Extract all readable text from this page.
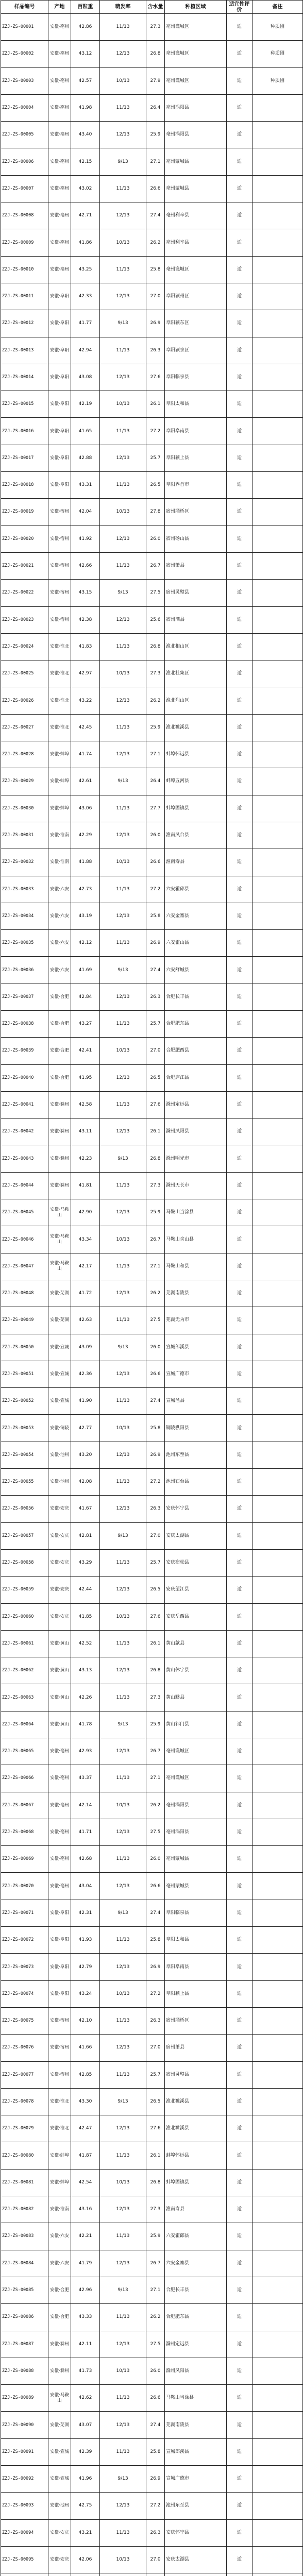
样品编号	产地	百粒重	萌发率	含水量	种植区域	适宜性评价	备注
ZZJ-ZS-00001	安徽·亳州	42.86	11/13	27.3	亳州谯城区	适	种质圃
ZZJ-ZS-00002	安徽·亳州	43.12	12/13	26.8	亳州谯城区	适	种质圃
ZZJ-ZS-00003	安徽·亳州	42.57	10/13	27.9	亳州谯城区	适	种质圃
ZZJ-ZS-00004	安徽·亳州	41.98	11/13	26.4	亳州涡阳县	适	
ZZJ-ZS-00005	安徽·亳州	43.40	12/13	25.9	亳州涡阳县	适	
ZZJ-ZS-00006	安徽·亳州	42.15	9/13	27.1	亳州蒙城县	适	
ZZJ-ZS-00007	安徽·亳州	43.02	11/13	26.6	亳州蒙城县	适	
ZZJ-ZS-00008	安徽·亳州	42.71	12/13	27.4	亳州利辛县	适	
ZZJ-ZS-00009	安徽·亳州	41.86	10/13	26.2	亳州利辛县	适	
ZZJ-ZS-00010	安徽·亳州	43.25	11/13	25.8	亳州谯城区	适	
ZZJ-ZS-00011	安徽·阜阳	42.33	12/13	27.0	阜阳颍州区	适	
ZZJ-ZS-00012	安徽·阜阳	41.77	9/13	26.9	阜阳颍东区	适	
ZZJ-ZS-00013	安徽·阜阳	42.94	11/13	26.3	阜阳颍泉区	适	
ZZJ-ZS-00014	安徽·阜阳	43.08	12/13	27.6	阜阳临泉县	适	
ZZJ-ZS-00015	安徽·阜阳	42.19	10/13	26.1	阜阳太和县	适	
ZZJ-ZS-00016	安徽·阜阳	41.65	11/13	27.2	阜阳阜南县	适	
ZZJ-ZS-00017	安徽·阜阳	42.88	12/13	25.7	阜阳颍上县	适	
ZZJ-ZS-00018	安徽·阜阳	43.31	11/13	26.5	阜阳界首市	适	
ZZJ-ZS-00019	安徽·宿州	42.04	10/13	27.8	宿州埇桥区	适	
ZZJ-ZS-00020	安徽·宿州	41.92	12/13	26.0	宿州砀山县	适	
ZZJ-ZS-00021	安徽·宿州	42.66	11/13	26.7	宿州萧县	适	
ZZJ-ZS-00022	安徽·宿州	43.15	9/13	27.5	宿州灵璧县	适	
ZZJ-ZS-00023	安徽·宿州	42.38	12/13	25.6	宿州泗县	适	
ZZJ-ZS-00024	安徽·淮北	41.83	11/13	26.8	淮北相山区	适	
ZZJ-ZS-00025	安徽·淮北	42.97	10/13	27.3	淮北杜集区	适	
ZZJ-ZS-00026	安徽·淮北	43.22	12/13	26.2	淮北烈山区	适	
ZZJ-ZS-00027	安徽·淮北	42.45	11/13	25.9	淮北濉溪县	适	
ZZJ-ZS-00028	安徽·蚌埠	41.74	12/13	27.1	蚌埠怀远县	适	
ZZJ-ZS-00029	安徽·蚌埠	42.61	9/13	26.4	蚌埠五河县	适	
ZZJ-ZS-00030	安徽·蚌埠	43.06	11/13	27.7	蚌埠固镇县	适	
ZZJ-ZS-00031	安徽·淮南	42.29	12/13	26.0	淮南凤台县	适	
ZZJ-ZS-00032	安徽·淮南	41.88	10/13	26.6	淮南寿县	适	
ZZJ-ZS-00033	安徽·六安	42.73	11/13	27.2	六安霍邱县	适	
ZZJ-ZS-00034	安徽·六安	43.19	12/13	25.8	六安金寨县	适	
ZZJ-ZS-00035	安徽·六安	42.12	11/13	26.9	六安霍山县	适	
ZZJ-ZS-00036	安徽·六安	41.69	9/13	27.4	六安舒城县	适	
ZZJ-ZS-00037	安徽·合肥	42.84	12/13	26.3	合肥长丰县	适	
ZZJ-ZS-00038	安徽·合肥	43.27	11/13	25.7	合肥肥东县	适	
ZZJ-ZS-00039	安徽·合肥	42.41	10/13	27.0	合肥肥西县	适	
ZZJ-ZS-00040	安徽·合肥	41.95	12/13	26.5	合肥庐江县	适	
ZZJ-ZS-00041	安徽·滁州	42.58	11/13	27.6	滁州定远县	适	
ZZJ-ZS-00042	安徽·滁州	43.11	12/13	26.1	滁州凤阳县	适	
ZZJ-ZS-00043	安徽·滁州	42.23	9/13	26.8	滁州明光市	适	
ZZJ-ZS-00044	安徽·滁州	41.81	11/13	27.3	滁州天长市	适	
ZZJ-ZS-00045	安徽·马鞍山	42.90	12/13	25.9	马鞍山当涂县	适	
ZZJ-ZS-00046	安徽·马鞍山	43.34	10/13	26.7	马鞍山含山县	适	
ZZJ-ZS-00047	安徽·马鞍山	42.17	11/13	27.1	马鞍山和县	适	
ZZJ-ZS-00048	安徽·芜湖	41.72	12/13	26.2	芜湖南陵县	适	
ZZJ-ZS-00049	安徽·芜湖	42.63	11/13	27.5	芜湖无为市	适	
ZZJ-ZS-00050	安徽·宣城	43.09	9/13	26.0	宣城郎溪县	适	
ZZJ-ZS-00051	安徽·宣城	42.36	12/13	26.6	宣城广德市	适	
ZZJ-ZS-00052	安徽·宣城	41.90	11/13	27.4	宣城泾县	适	
ZZJ-ZS-00053	安徽·铜陵	42.77	10/13	25.8	铜陵枞阳县	适	
ZZJ-ZS-00054	安徽·池州	43.20	12/13	26.9	池州东至县	适	
ZZJ-ZS-00055	安徽·池州	42.08	11/13	27.2	池州石台县	适	
ZZJ-ZS-00056	安徽·安庆	41.67	12/13	26.3	安庆怀宁县	适	
ZZJ-ZS-00057	安徽·安庆	42.81	9/13	27.0	安庆太湖县	适	
ZZJ-ZS-00058	安徽·安庆	43.29	11/13	25.7	安庆宿松县	适	
ZZJ-ZS-00059	安徽·安庆	42.44	12/13	26.5	安庆望江县	适	
ZZJ-ZS-00060	安徽·安庆	41.85	10/13	27.6	安庆岳西县	适	
ZZJ-ZS-00061	安徽·黄山	42.52	11/13	26.1	黄山歙县	适	
ZZJ-ZS-00062	安徽·黄山	43.13	12/13	26.8	黄山休宁县	适	
ZZJ-ZS-00063	安徽·黄山	42.26	11/13	27.3	黄山黟县	适	
ZZJ-ZS-00064	安徽·黄山	41.78	9/13	25.9	黄山祁门县	适	
ZZJ-ZS-00065	安徽·亳州	42.93	12/13	26.7	亳州谯城区	适	
ZZJ-ZS-00066	安徽·亳州	43.37	11/13	27.1	亳州谯城区	适	
ZZJ-ZS-00067	安徽·亳州	42.14	10/13	26.2	亳州涡阳县	适	
ZZJ-ZS-00068	安徽·亳州	41.71	12/13	27.5	亳州涡阳县	适	
ZZJ-ZS-00069	安徽·亳州	42.68	11/13	26.0	亳州蒙城县	适	
ZZJ-ZS-00070	安徽·亳州	43.04	12/13	26.6	亳州蒙城县	适	
ZZJ-ZS-00071	安徽·阜阳	42.31	9/13	27.4	阜阳临泉县	适	
ZZJ-ZS-00072	安徽·阜阳	41.93	11/13	25.8	阜阳太和县	适	
ZZJ-ZS-00073	安徽·阜阳	42.79	12/13	26.9	阜阳阜南县	适	
ZZJ-ZS-00074	安徽·阜阳	43.24	10/13	27.2	阜阳颍上县	适	
ZZJ-ZS-00075	安徽·宿州	42.10	11/13	26.3	宿州埇桥区	适	
ZZJ-ZS-00076	安徽·宿州	41.66	12/13	27.0	宿州萧县	适	
ZZJ-ZS-00077	安徽·宿州	42.85	11/13	25.7	宿州灵璧县	适	
ZZJ-ZS-00078	安徽·淮北	43.30	9/13	26.5	淮北濉溪县	适	
ZZJ-ZS-00079	安徽·淮北	42.47	12/13	27.6	淮北濉溪县	适	
ZZJ-ZS-00080	安徽·蚌埠	41.87	11/13	26.1	蚌埠怀远县	适	
ZZJ-ZS-00081	安徽·蚌埠	42.54	10/13	26.8	蚌埠固镇县	适	
ZZJ-ZS-00082	安徽·淮南	43.16	12/13	27.3	淮南寿县	适	
ZZJ-ZS-00083	安徽·六安	42.21	11/13	25.9	六安霍邱县	适	
ZZJ-ZS-00084	安徽·六安	41.79	12/13	26.7	六安金寨县	适	
ZZJ-ZS-00085	安徽·合肥	42.96	9/13	27.1	合肥长丰县	适	
ZZJ-ZS-00086	安徽·合肥	43.33	11/13	26.2	合肥肥东县	适	
ZZJ-ZS-00087	安徽·滁州	42.11	12/13	27.5	滁州定远县	适	
ZZJ-ZS-00088	安徽·滁州	41.73	10/13	26.0	滁州凤阳县	适	
ZZJ-ZS-00089	安徽·马鞍山	42.62	11/13	26.6	马鞍山当涂县	适	
ZZJ-ZS-00090	安徽·芜湖	43.07	12/13	27.4	芜湖南陵县	适	
ZZJ-ZS-00091	安徽·宣城	42.39	11/13	25.8	宣城郎溪县	适	
ZZJ-ZS-00092	安徽·宣城	41.96	9/13	26.9	宣城广德市	适	
ZZJ-ZS-00093	安徽·池州	42.75	12/13	27.2	池州东至县	适	
ZZJ-ZS-00094	安徽·安庆	43.21	11/13	26.3	安庆怀宁县	适	
ZZJ-ZS-00095	安徽·安庆	42.06	10/13	27.0	安庆太湖县	适	
